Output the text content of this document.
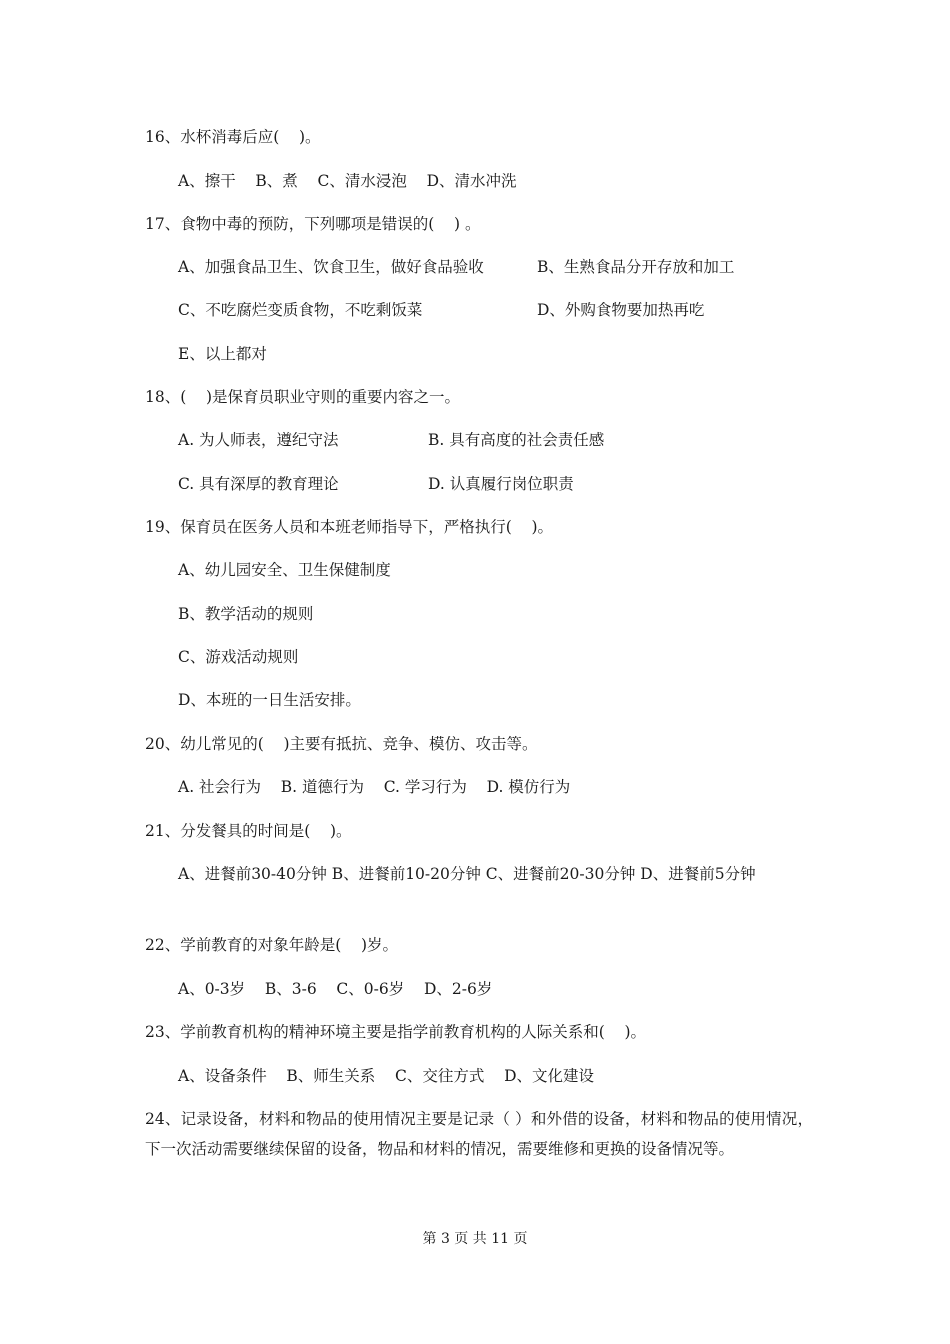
16、水杯消毒后应(    )。
A、擦干    B、煮    C、清水浸泡    D、清水冲洗
17、食物中毒的预防，下列哪项是错误的(    ) 。
A、加强食品卫生、饮食卫生，做好食品验收	B、生熟食品分开存放和加工
C、不吃腐烂变质食物，不吃剩饭菜	D、外购食物要加热再吃
E、以上都对
18、(    )是保育员职业守则的重要内容之一。
A. 为人师表，遵纪守法	B. 具有高度的社会责任感
C. 具有深厚的教育理论	D. 认真履行岗位职责
19、保育员在医务人员和本班老师指导下，严格执行(    )。
A、幼儿园安全、卫生保健制度
B、教学活动的规则
C、游戏活动规则
D、本班的一日生活安排。
20、幼儿常见的(    )主要有抵抗、竞争、模仿、攻击等。
A. 社会行为    B. 道德行为    C. 学习行为    D. 模仿行为
21、分发餐具的时间是(    )。
A、进餐前30-40分钟 B、进餐前10-20分钟 C、进餐前20-30分钟 D、进餐前5分钟
22、学前教育的对象年龄是(    )岁。
A、0-3岁    B、3-6    C、0-6岁    D、2-6岁
23、学前教育机构的精神环境主要是指学前教育机构的人际关系和(    )。
A、设备条件    B、师生关系    C、交往方式    D、文化建设
24、记录设备，材料和物品的使用情况主要是记录（ ）和外借的设备，材料和物品的使用情况，下一次活动需要继续保留的设备，物品和材料的情况，需要维修和更换的设备情况等。
第 3 页 共 11 页
